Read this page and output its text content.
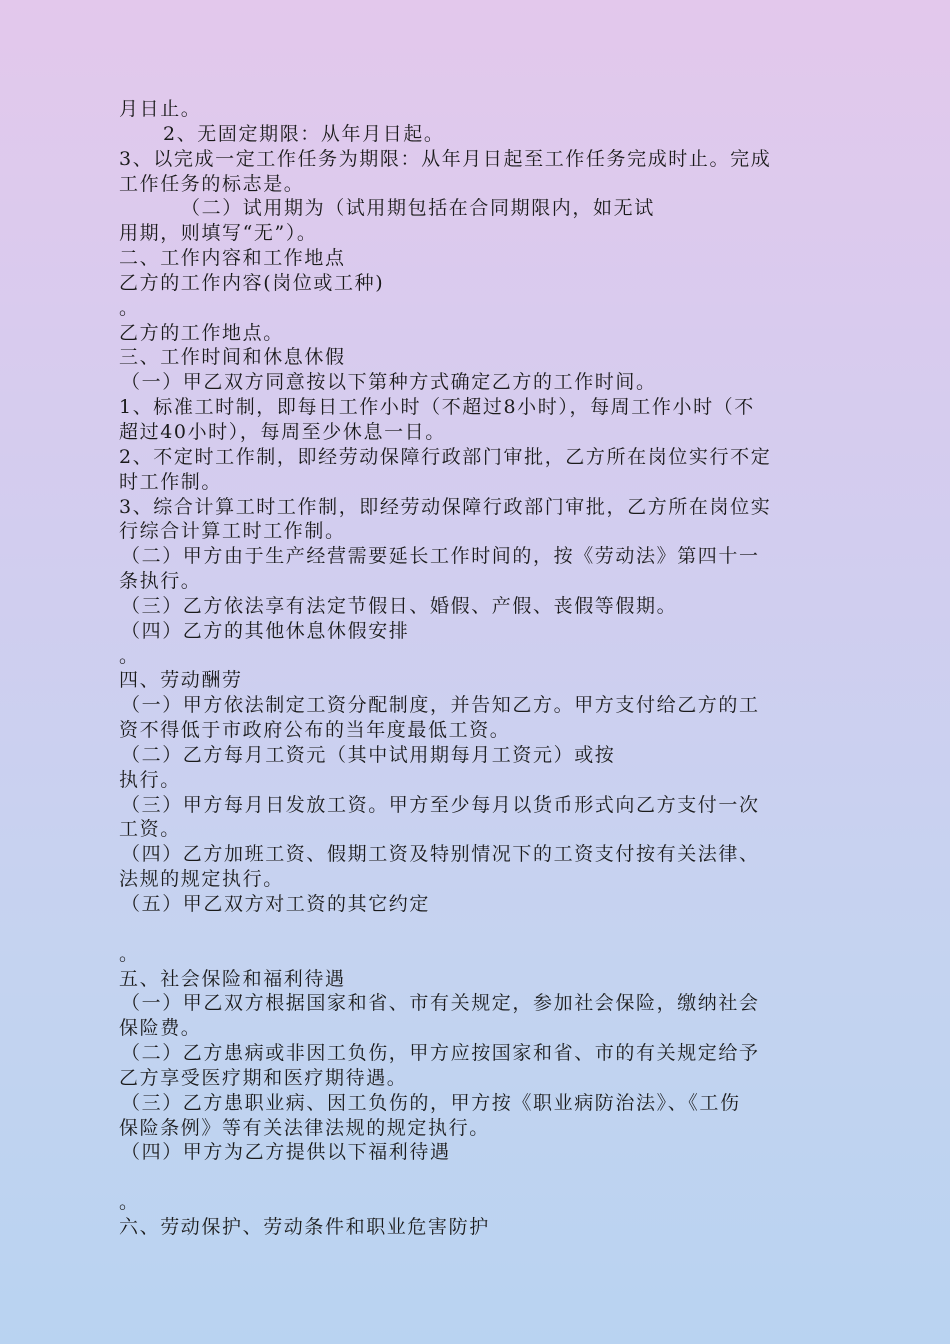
月日止。
2、无固定期限：从年月日起。
3、以完成一定工作任务为期限：从年月日起至工作任务完成时止。完成
工作任务的标志是。
（二）试用期为（试用期包括在合同期限内，如无试
用期，则填写“无”）。
二、工作内容和工作地点
乙方的工作内容(岗位或工种)
。
乙方的工作地点。
三、工作时间和休息休假
（一）甲乙双方同意按以下第种方式确定乙方的工作时间。
1、标准工时制，即每日工作小时（不超过8小时），每周工作小时（不
超过40小时），每周至少休息一日。
2、不定时工作制，即经劳动保障行政部门审批，乙方所在岗位实行不定
时工作制。
3、综合计算工时工作制，即经劳动保障行政部门审批，乙方所在岗位实
行综合计算工时工作制。
（二）甲方由于生产经营需要延长工作时间的，按《劳动法》第四十一
条执行。
（三）乙方依法享有法定节假日、婚假、产假、丧假等假期。
（四）乙方的其他休息休假安排
。
四、劳动酬劳
（一）甲方依法制定工资分配制度，并告知乙方。甲方支付给乙方的工
资不得低于市政府公布的当年度最低工资。
（二）乙方每月工资元（其中试用期每月工资元）或按
执行。
（三）甲方每月日发放工资。甲方至少每月以货币形式向乙方支付一次
工资。
（四）乙方加班工资、假期工资及特别情况下的工资支付按有关法律、
法规的规定执行。
（五）甲乙双方对工资的其它约定
。
五、社会保险和福利待遇
（一）甲乙双方根据国家和省、市有关规定，参加社会保险，缴纳社会
保险费。
（二）乙方患病或非因工负伤，甲方应按国家和省、市的有关规定给予
乙方享受医疗期和医疗期待遇。
（三）乙方患职业病、因工负伤的，甲方按《职业病防治法》、《工伤
保险条例》等有关法律法规的规定执行。
（四）甲方为乙方提供以下福利待遇
。
六、劳动保护、劳动条件和职业危害防护
